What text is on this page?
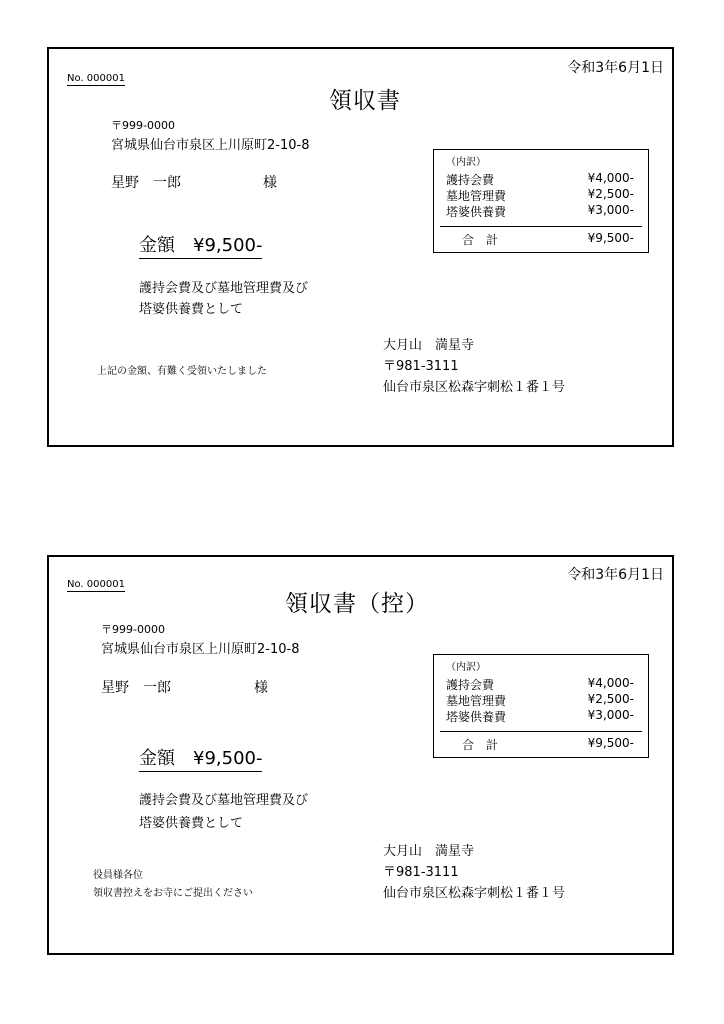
No. 000001
令和3年6月1日
領収書
〒999-0000
宮城県仙台市泉区上川原町2-10-8
星野　一郎	様
金額　¥9,500-
護持会費及び墓地管理費及び
塔婆供養費として
上記の金額、有難く受領いたしました
大月山　満星寺
〒981-3111
仙台市泉区松森字刺松１番１号
（内訳）
護持会費	¥4,000-
墓地管理費	¥2,500-
塔婆供養費	¥3,000-
合　計	¥9,500-
No. 000001
令和3年6月1日
領収書（控）
〒999-0000
宮城県仙台市泉区上川原町2-10-8
星野　一郎	様
金額　¥9,500-
護持会費及び墓地管理費及び
塔婆供養費として
役員様各位
領収書控えをお寺にご提出ください
大月山　満星寺
〒981-3111
仙台市泉区松森字刺松１番１号
（内訳）
護持会費	¥4,000-
墓地管理費	¥2,500-
塔婆供養費	¥3,000-
合　計	¥9,500-
